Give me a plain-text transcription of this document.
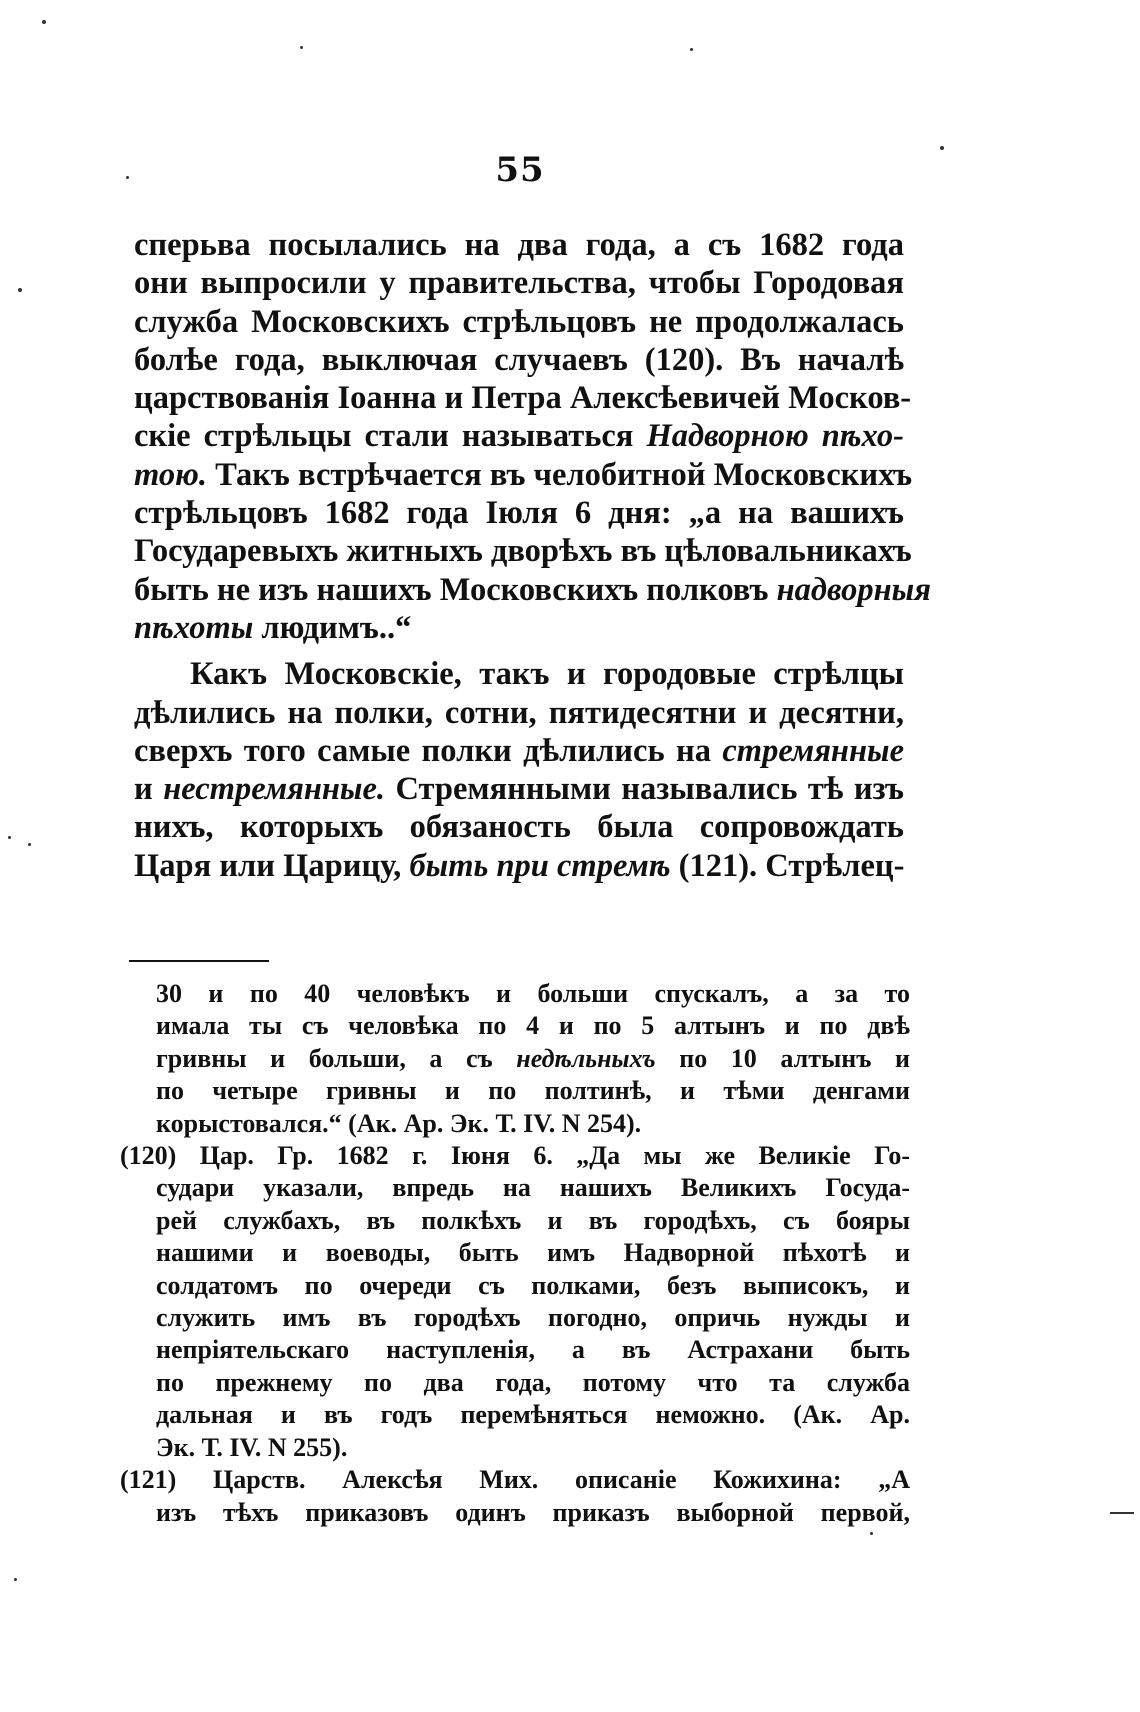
55
сперьва посылались на два года, а съ 1682 года
они выпросили у правительства, чтобы Городовая
служба Московскихъ стрѣльцовъ не продолжалась
болѣе года, выключая случаевъ (120). Въ началѣ
царствованія Іоанна и Петра Алексѣевичей Москов-
скіе стрѣльцы стали называться Надворною пѣхо-
тою. Такъ встрѣчается въ челобитной Московскихъ
стрѣльцовъ 1682 года Іюля 6 дня: „а на вашихъ
Государевыхъ житныхъ дворѣхъ въ цѣловальникахъ
быть не изъ нашихъ Московскихъ полковъ надворныя
пѣхоты людимъ..“
Какъ Московскіе, такъ и городовые стрѣлцы
дѣлились на полки, сотни, пятидесятни и десятни,
сверхъ того самые полки дѣлились на стремянные
и нестремянные. Стремянными назывались тѣ изъ
нихъ, которыхъ обязаность была сопровождать
Царя или Царицу, быть при стремѣ (121). Стрѣлец-
30 и по 40 человѣкъ и больши спускалъ, а за то
имала ты съ человѣка по 4 и по 5 алтынъ и по двѣ
гривны и больши, а съ недѣльныхъ по 10 алтынъ и
по четыре гривны и по полтинѣ, и тѣми денгами
корыстовался.“ (Ак. Ар. Эк. Т. IV. N 254).
(120) Цар. Гр. 1682 г. Іюня 6. „Да мы же Великіе Го-
судари указали, впредь на нашихъ Великихъ Госуда-
рей службахъ, въ полкѣхъ и въ городѣхъ, съ бояры
нашими и воеводы, быть имъ Надворной пѣхотѣ и
солдатомъ по очереди съ полками, безъ выписокъ, и
служить имъ въ городѣхъ погодно, опричь нужды и
непріятельскаго наступленія, а въ Астрахани быть
по прежнему по два года, потому что та служба
дальная и въ годъ перемѣняться неможно. (Ак. Ар.
Эк. Т. IV. N 255).
(121) Царств. Алексѣя Мих. описаніе Кожихина: „А
изъ тѣхъ приказовъ одинъ приказъ выборной первой,
